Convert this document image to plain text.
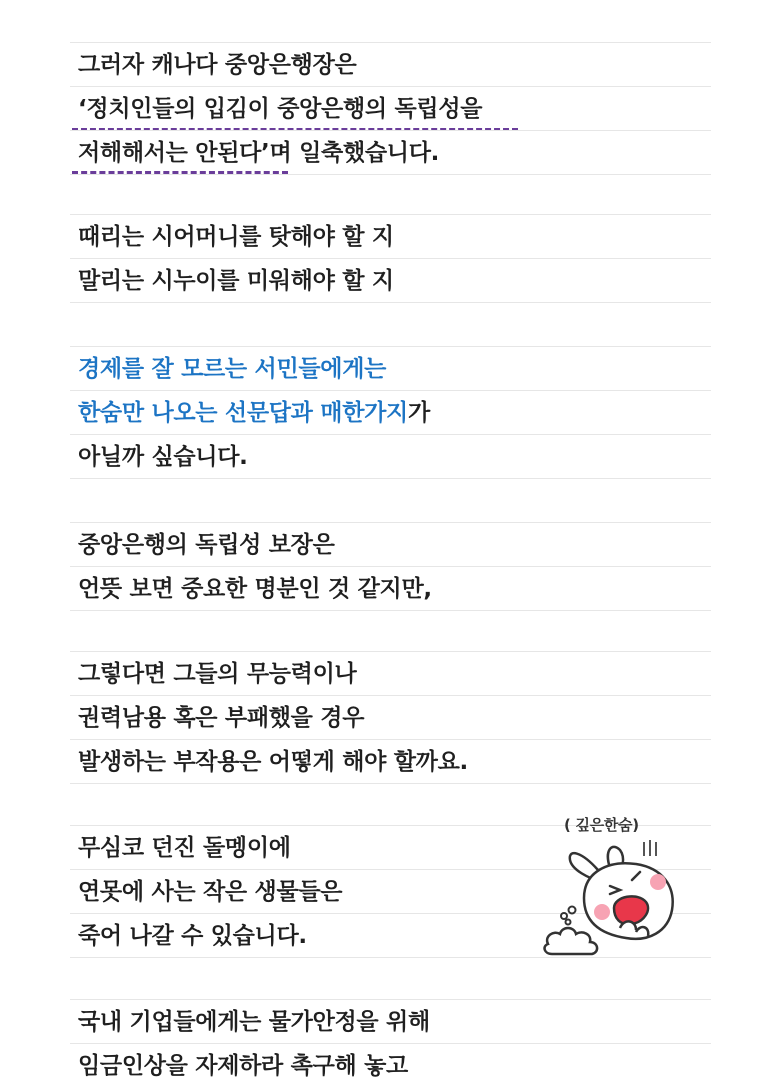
그러자 캐나다 중앙은행장은
‘정치인들의 입김이 중앙은행의 독립성을
저해해서는 안된다’며 일축했습니다.
때리는 시어머니를 탓해야 할 지
말리는 시누이를 미워해야 할 지
경제를 잘 모르는 서민들에게는
한숨만 나오는 선문답과 매한가지가
아닐까 싶습니다.
중앙은행의 독립성 보장은
언뜻 보면 중요한 명분인 것 같지만,
그렇다면 그들의 무능력이나
권력남용 혹은 부패했을 경우
발생하는 부작용은 어떻게 해야 할까요.
무심코 던진 돌멩이에
연못에 사는 작은 생물들은
죽어 나갈 수 있습니다.
국내 기업들에게는 물가안정을 위해
임금인상을 자제하라 촉구해 놓고
( 깊은한숨)
